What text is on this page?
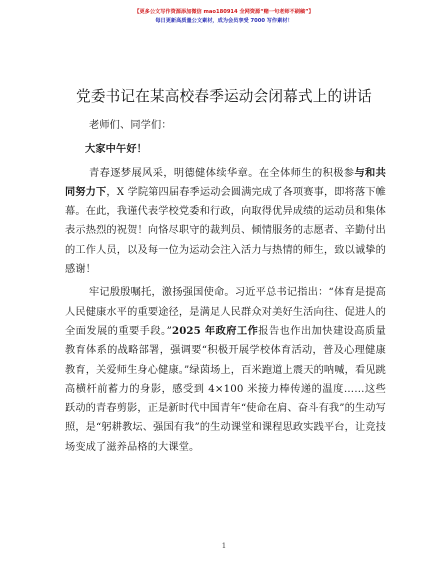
【更多公文写作资源添加微信 mao180914 全网资源“赌一句老师不刷稿”】
每日更新高质量公文素材，成为会员享受 7000 写作素材！
党委书记在某高校春季运动会闭幕式上的讲话

老师们、同学们：

大家中午好！

青春逐梦展风采，明德健体续华章。在全体师生的积极参与和共同努力下，X 学院第四届春季运动会圆满完成了各项赛事，即将落下帷幕。在此，我谨代表学校党委和行政，向取得优异成绩的运动员和集体表示热烈的祝贺！向恪尽职守的裁判员、倾情服务的志愿者、辛勤付出的工作人员，以及每一位为运动会注入活力与热情的师生，致以诚挚的感谢！

牢记殷殷嘱托，激扬强国使命。习近平总书记指出：“体育是提高人民健康水平的重要途径，是满足人民群众对美好生活向往、促进人的全面发展的重要手段。”2025 年政府工作报告也作出加快建设高质量教育体系的战略部署，强调要“积极开展学校体育活动，普及心理健康教育，关爱师生身心健康。”绿茵场上，百米跑道上震天的呐喊，看见跳高横杆前蓄力的身影，感受到 4×100 米接力棒传递的温度……这些跃动的青春剪影，正是新时代中国青年“使命在肩、奋斗有我”的生动写照，是“躬耕教坛、强国有我”的生动课堂和课程思政实践平台，让竞技场变成了滋养品格的大课堂。

1
